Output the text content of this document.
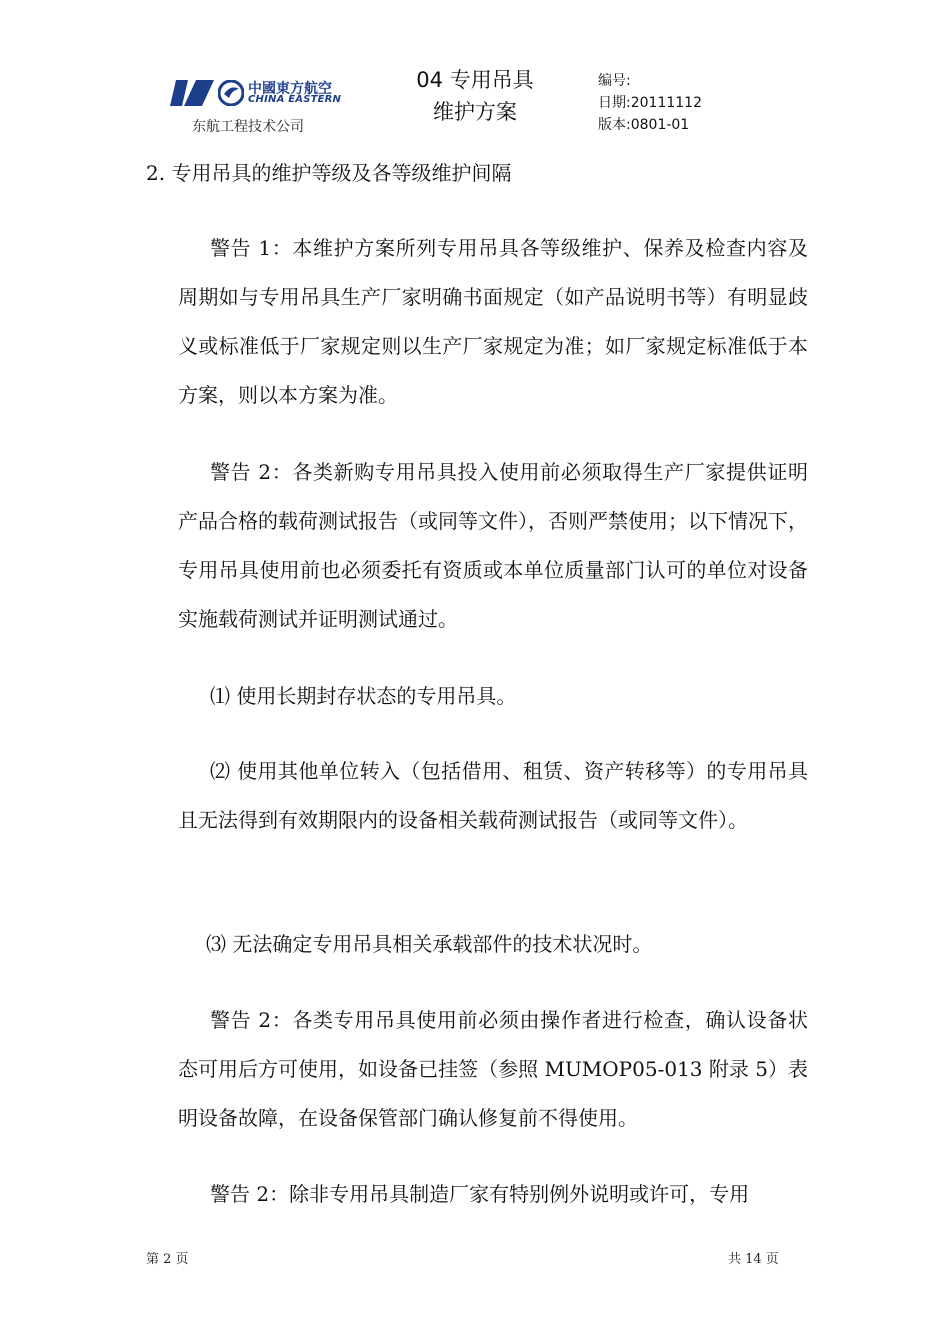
中國東方航空
CHINA EASTERN
东航工程技术公司
04 专用吊具
维护方案
编号:
日期:20111112
版本:0801-01
2. 专用吊具的维护等级及各等级维护间隔
警告 1：本维护方案所列专用吊具各等级维护、保养及检查内容及周期如与专用吊具生产厂家明确书面规定（如产品说明书等）有明显歧义或标准低于厂家规定则以生产厂家规定为准；如厂家规定标准低于本方案，则以本方案为准。
警告 2：各类新购专用吊具投入使用前必须取得生产厂家提供证明产品合格的载荷测试报告（或同等文件），否则严禁使用；以下情况下，专用吊具使用前也必须委托有资质或本单位质量部门认可的单位对设备实施载荷测试并证明测试通过。
⑴ 使用长期封存状态的专用吊具。
⑵ 使用其他单位转入（包括借用、租赁、资产转移等）的专用吊具且无法得到有效期限内的设备相关载荷测试报告（或同等文件）。
⑶ 无法确定专用吊具相关承载部件的技术状况时。
警告 2：各类专用吊具使用前必须由操作者进行检查，确认设备状态可用后方可使用，如设备已挂签（参照 MUMOP05-013 附录 5）表明设备故障，在设备保管部门确认修复前不得使用。
警告 2：除非专用吊具制造厂家有特别例外说明或许可，专用
第 2 页	共 14 页
